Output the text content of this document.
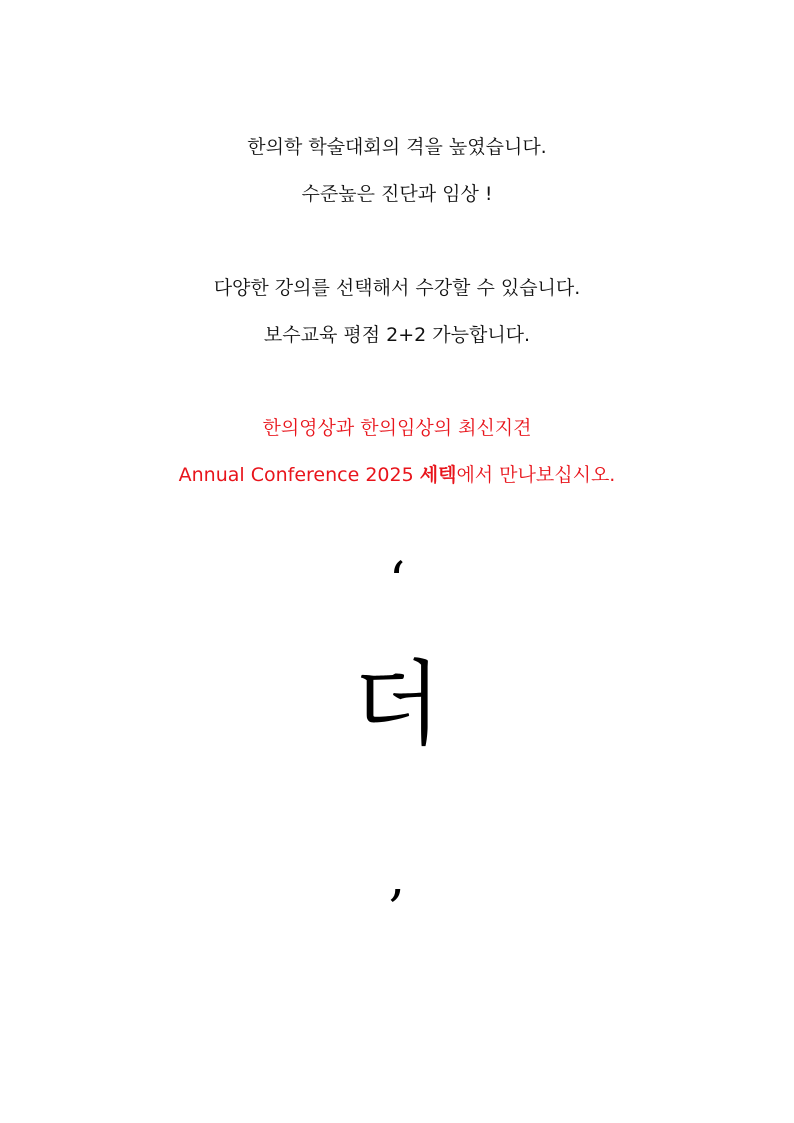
한의학 학술대회의 격을 높였습니다.
수준높은 진단과 임상 !
다양한 강의를 선택해서 수강할 수 있습니다.
보수교육 평점 2+2 가능합니다.
한의영상과 한의임상의 최신지견
Annual Conference 2025 세텍에서 만나보십시오.
‘
더
,
